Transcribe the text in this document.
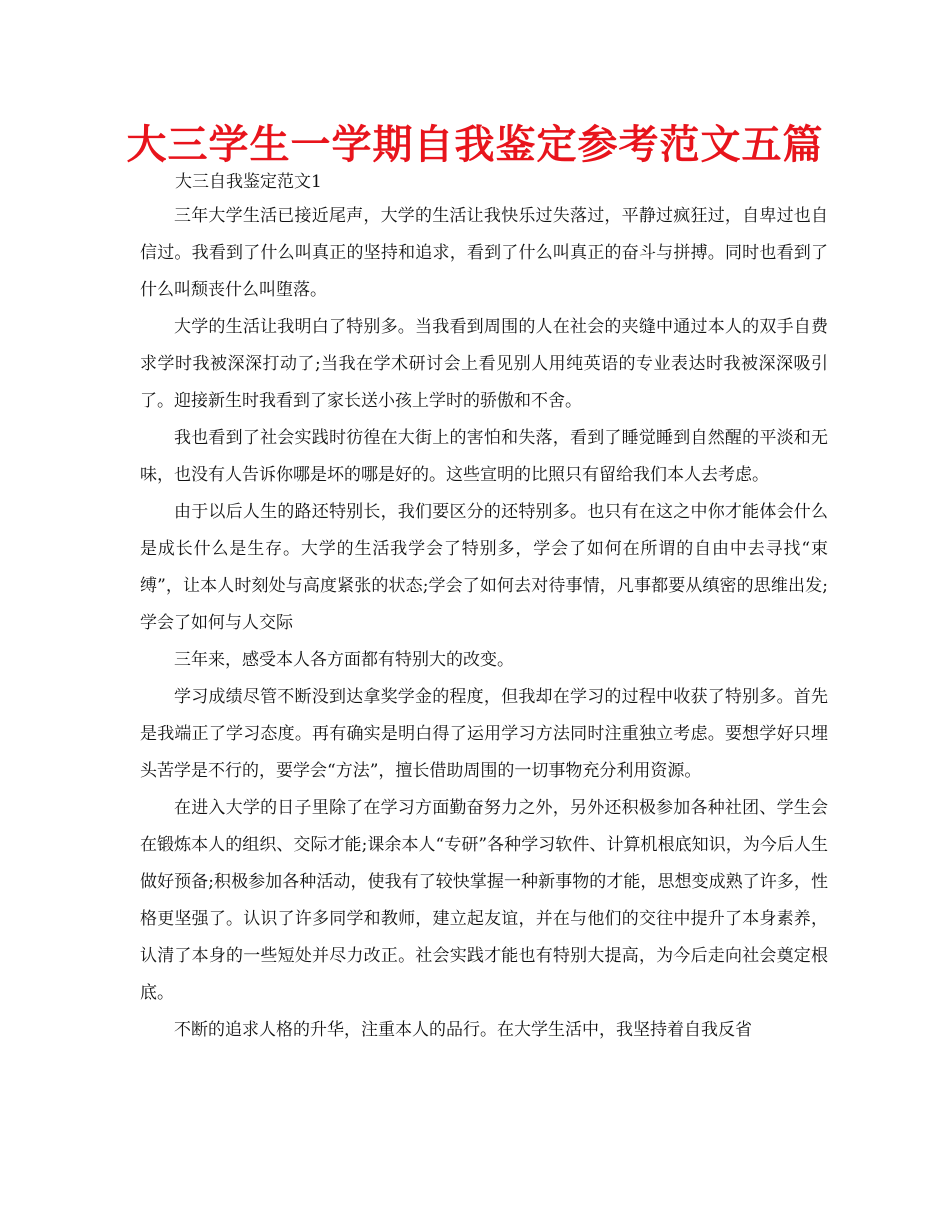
大三学生一学期自我鉴定参考范文五篇

大三自我鉴定范文1

三年大学生活已接近尾声，大学的生活让我快乐过失落过，平静过疯狂过，自卑过也自信过。我看到了什么叫真正的坚持和追求，看到了什么叫真正的奋斗与拼搏。同时也看到了什么叫颓丧什么叫堕落。

大学的生活让我明白了特别多。当我看到周围的人在社会的夹缝中通过本人的双手自费求学时我被深深打动了;当我在学术研讨会上看见别人用纯英语的专业表达时我被深深吸引了。迎接新生时我看到了家长送小孩上学时的骄傲和不舍。

我也看到了社会实践时彷徨在大街上的害怕和失落，看到了睡觉睡到自然醒的平淡和无味，也没有人告诉你哪是坏的哪是好的。这些宣明的比照只有留给我们本人去考虑。

由于以后人生的路还特别长，我们要区分的还特别多。也只有在这之中你才能体会什么是成长什么是生存。大学的生活我学会了特别多，学会了如何在所谓的自由中去寻找“束缚”，让本人时刻处与高度紧张的状态;学会了如何去对待事情，凡事都要从缜密的思维出发;学会了如何与人交际

三年来，感受本人各方面都有特别大的改变。

学习成绩尽管不断没到达拿奖学金的程度，但我却在学习的过程中收获了特别多。首先是我端正了学习态度。再有确实是明白得了运用学习方法同时注重独立考虑。要想学好只埋头苦学是不行的，要学会“方法”，擅长借助周围的一切事物充分利用资源。

在进入大学的日子里除了在学习方面勤奋努力之外，另外还积极参加各种社团、学生会在锻炼本人的组织、交际才能;课余本人“专研”各种学习软件、计算机根底知识，为今后人生做好预备;积极参加各种活动，使我有了较快掌握一种新事物的才能，思想变成熟了许多，性格更坚强了。认识了许多同学和教师，建立起友谊，并在与他们的交往中提升了本身素养，认清了本身的一些短处并尽力改正。社会实践才能也有特别大提高，为今后走向社会奠定根底。

不断的追求人格的升华，注重本人的品行。在大学生活中，我坚持着自我反省
